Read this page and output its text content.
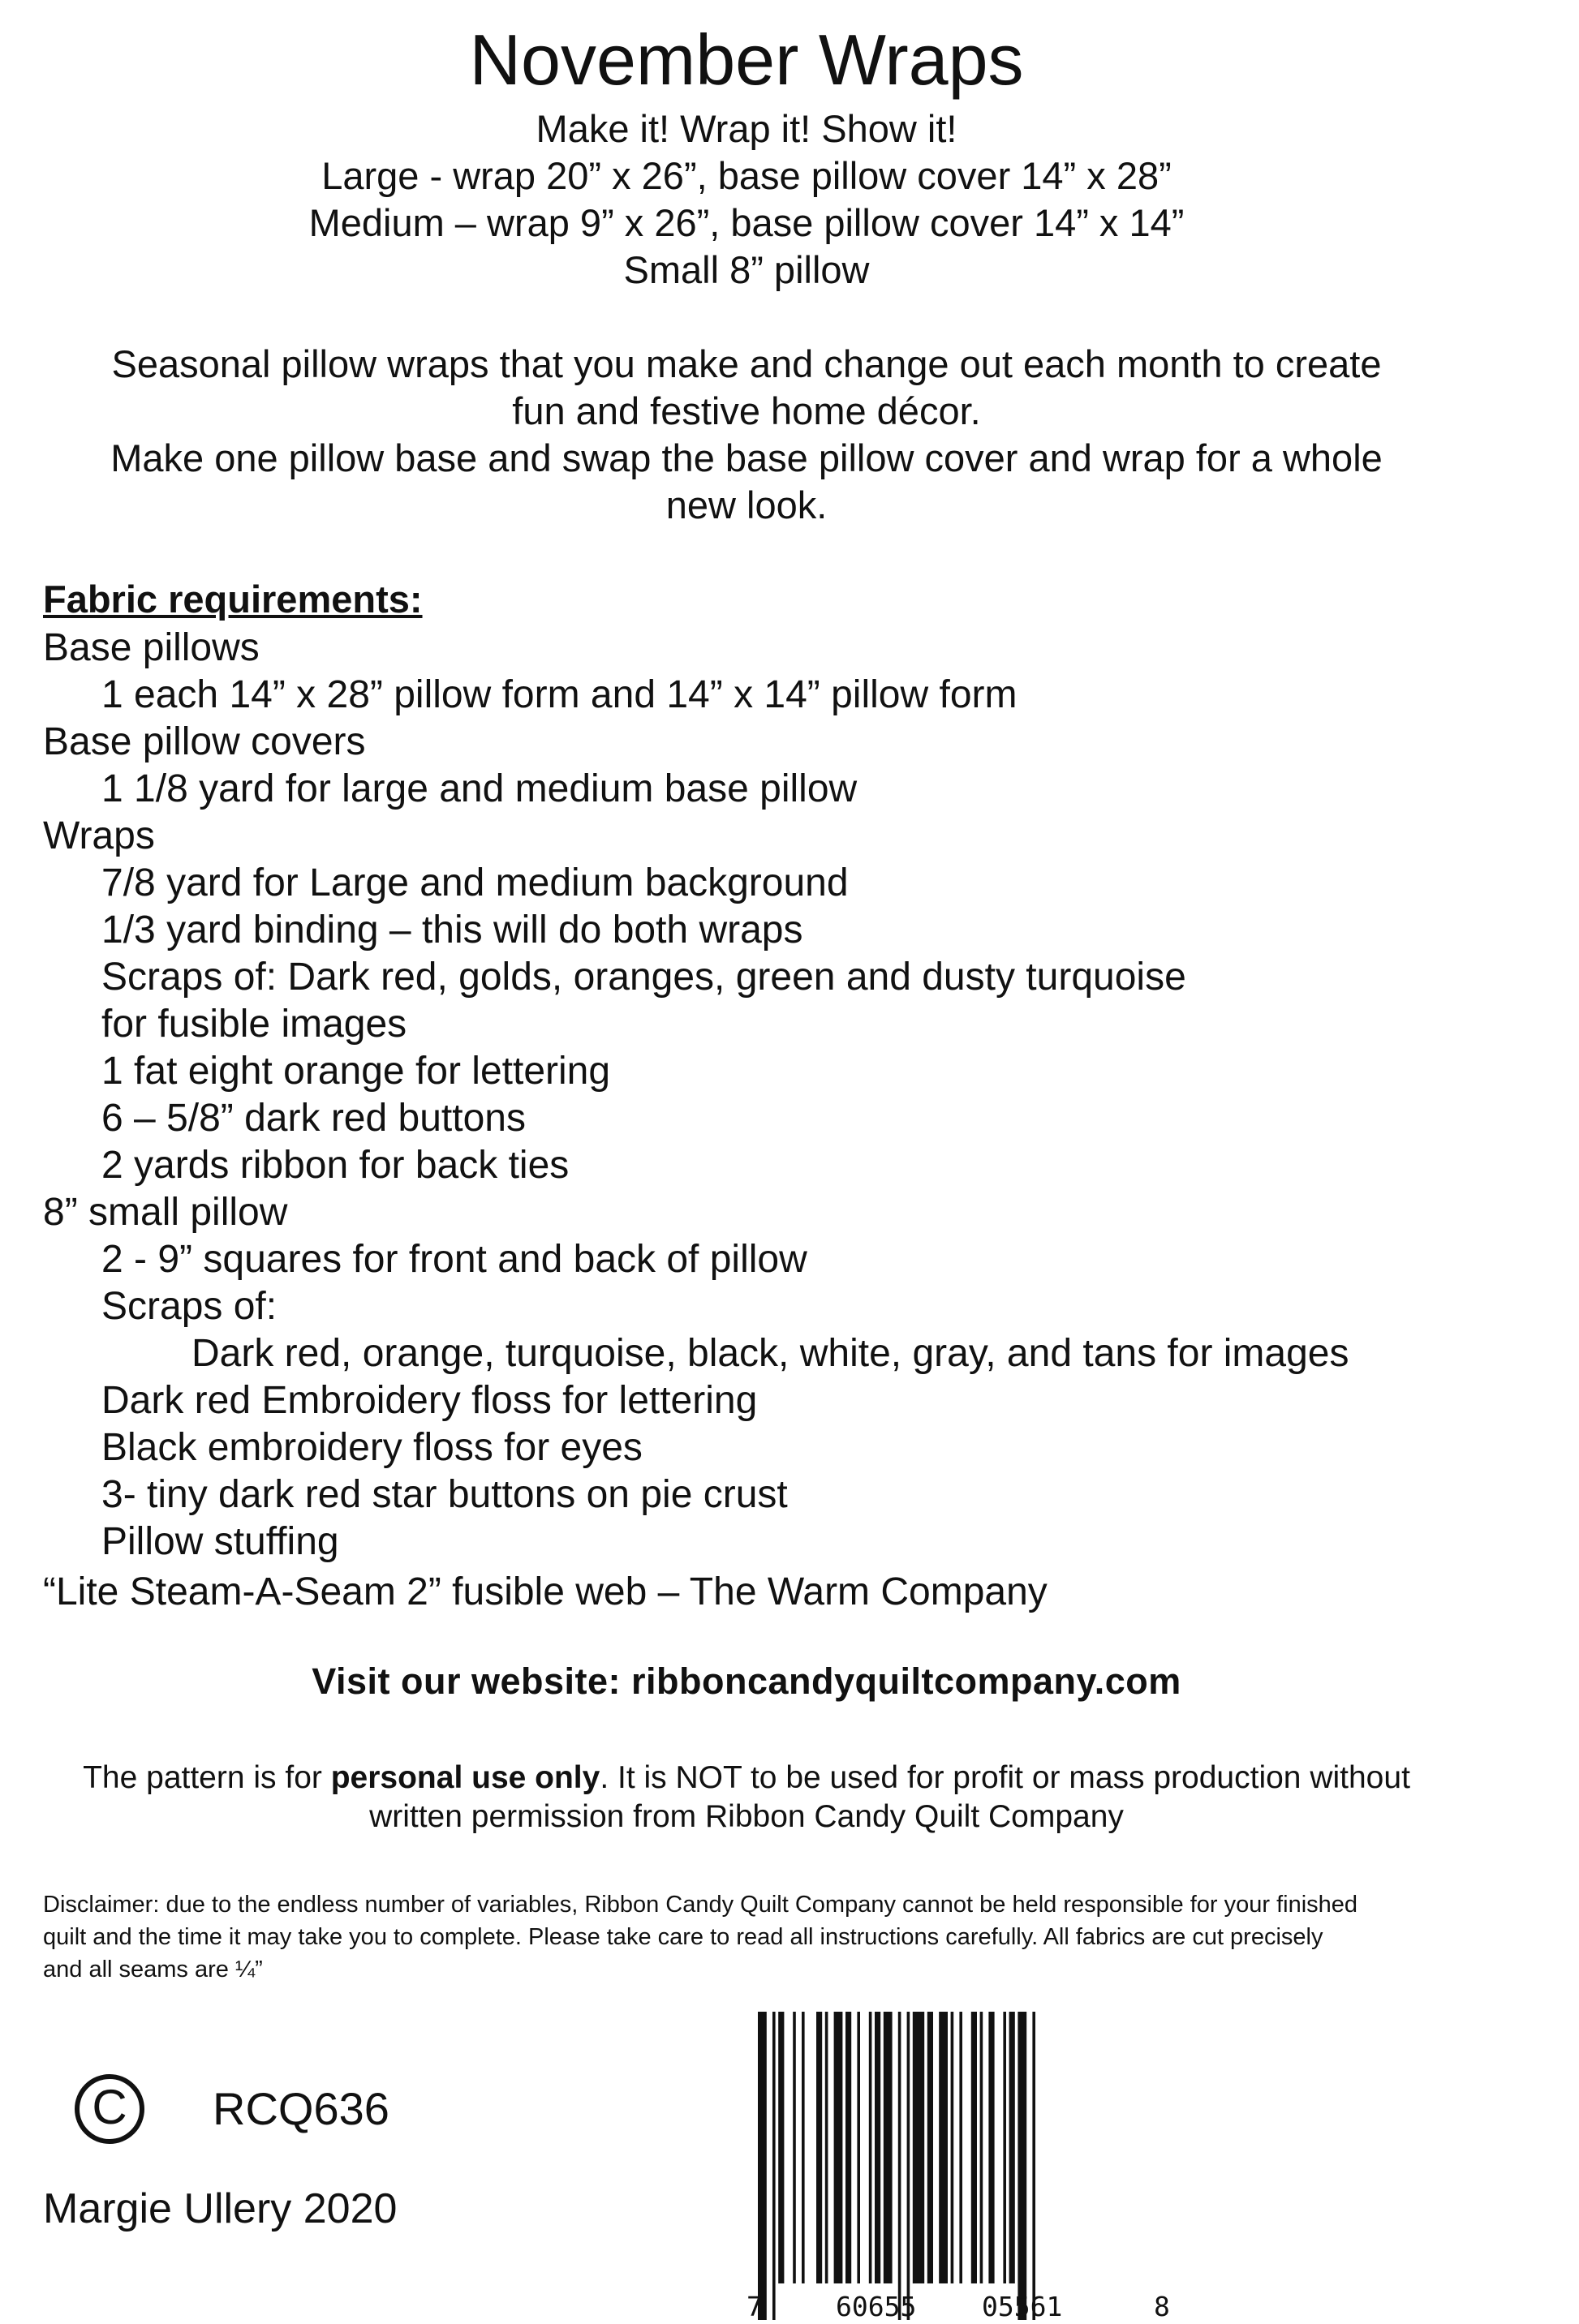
November Wraps
Make it! Wrap it! Show it!
Large - wrap 20” x 26”, base pillow cover 14” x 28”
Medium – wrap 9” x 26”, base pillow cover 14” x 14”
Small 8” pillow
Seasonal pillow wraps that you make and change out each month to create
fun and festive home décor.
Make one pillow base and swap the base pillow cover and wrap for a whole
new look.
Fabric requirements:
Base pillows
1 each 14” x 28” pillow form and 14” x 14” pillow form
Base pillow covers
1 1/8 yard for large and medium base pillow
Wraps
7/8 yard for Large and medium background
1/3 yard binding – this will do both wraps
Scraps of: Dark red, golds, oranges, green and dusty turquoise
for fusible images
1 fat eight orange for lettering
6 – 5/8” dark red buttons
2 yards ribbon for back ties
8” small pillow
2 - 9” squares for front and back of pillow
Scraps of:
Dark red, orange, turquoise, black, white, gray, and tans for images
Dark red Embroidery floss for lettering
Black embroidery floss for eyes
3- tiny dark red star buttons on pie crust
Pillow stuffing
“Lite Steam-A-Seam 2” fusible web – The Warm Company
Visit our website: ribboncandyquiltcompany.com
The pattern is for personal use only. It is NOT to be used for profit or mass production without
written permission from Ribbon Candy Quilt Company
Disclaimer: due to the endless number of variables, Ribbon Candy Quilt Company cannot be held responsible for your finished
quilt and the time it may take you to complete. Please take care to read all instructions carefully. All fabrics are cut precisely
and all seams are ¼”
C RCQ636
Margie Ullery 2020
7	60655 05561	8
